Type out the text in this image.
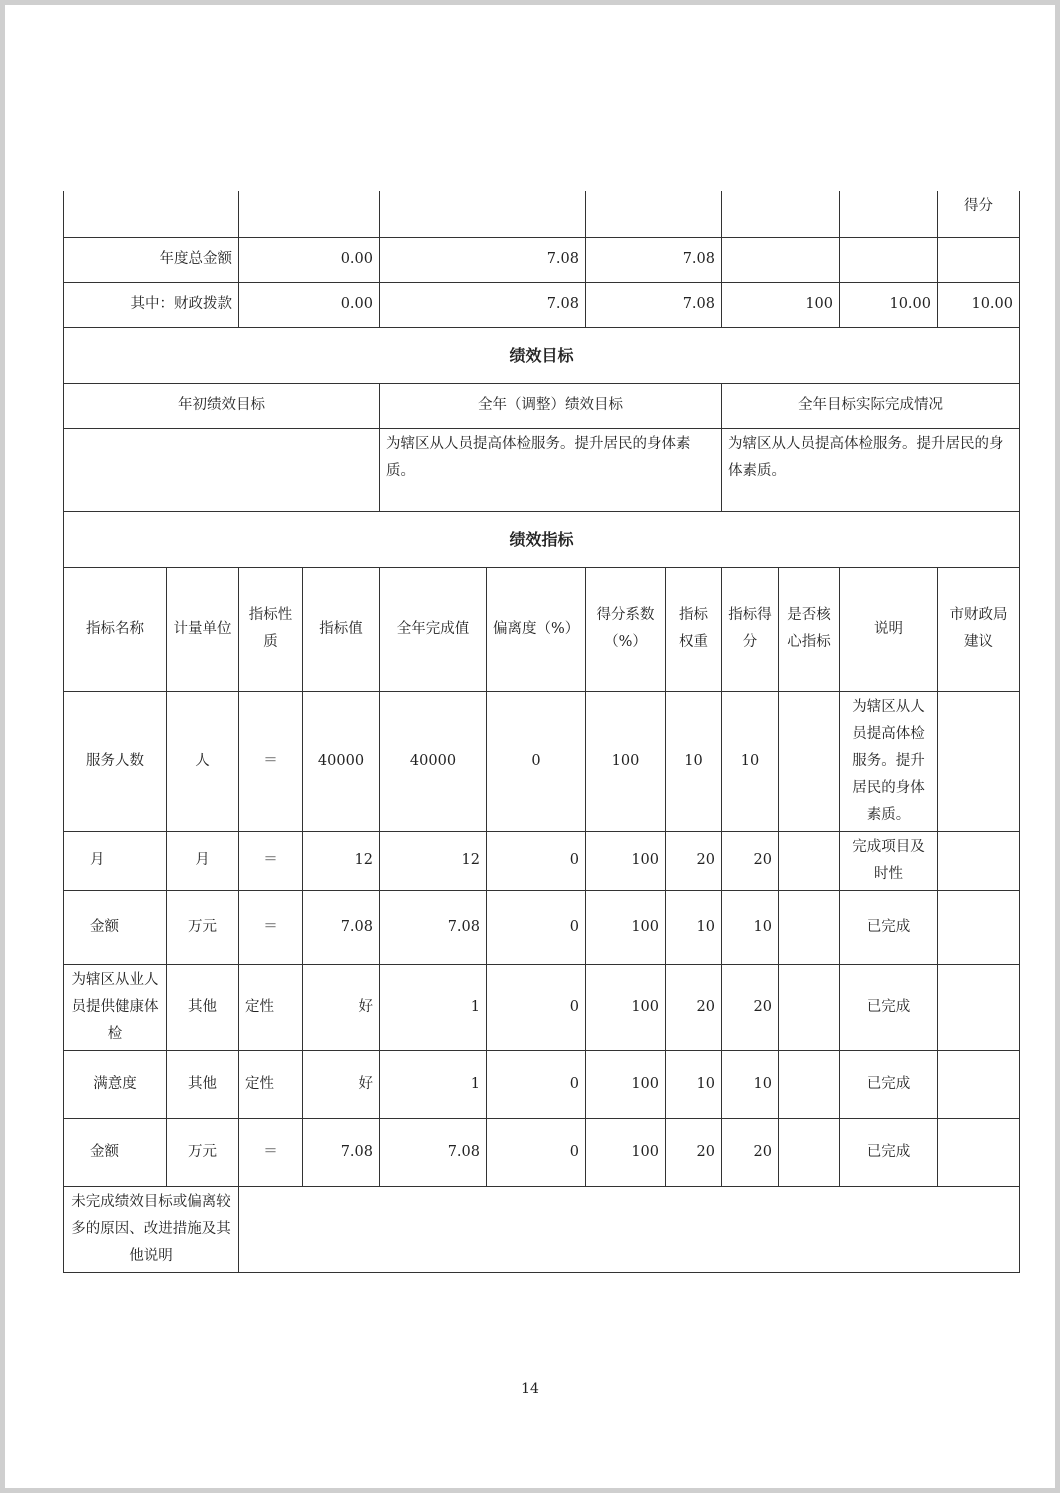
											得分
年度总金额		0.00		7.08		7.08					
其中：财政拨款		0.00		7.08		7.08		100		10.00	10.00
绩效目标											
年初绩效目标				全年（调整）绩效目标				全年目标实际完成情况			
				为辖区从人员提高体检服务。提升居民的身体素质。				为辖区从人员提高体检服务。提升居民的身体素质。			
绩效指标											
指标名称	计量单位	指标性质	指标值	全年完成值	偏离度（%）	得分系数（%）	指标权重	指标得分	是否核心指标	说明	市财政局建议
服务人数	人	＝	40000	40000	0	100	10	10		为辖区从人员提高体检服务。提升居民的身体素质。	
月	月	＝	12	12	0	100	20	20		完成项目及时性	
金额	万元	＝	7.08	7.08	0	100	10	10		已完成	
为辖区从业人员提供健康体检	其他	定性	好	1	0	100	20	20		已完成	
满意度	其他	定性	好	1	0	100	10	10		已完成	
金额	万元	＝	7.08	7.08	0	100	20	20		已完成	
未完成绩效目标或偏离较多的原因、改进措施及其他说明											
14
